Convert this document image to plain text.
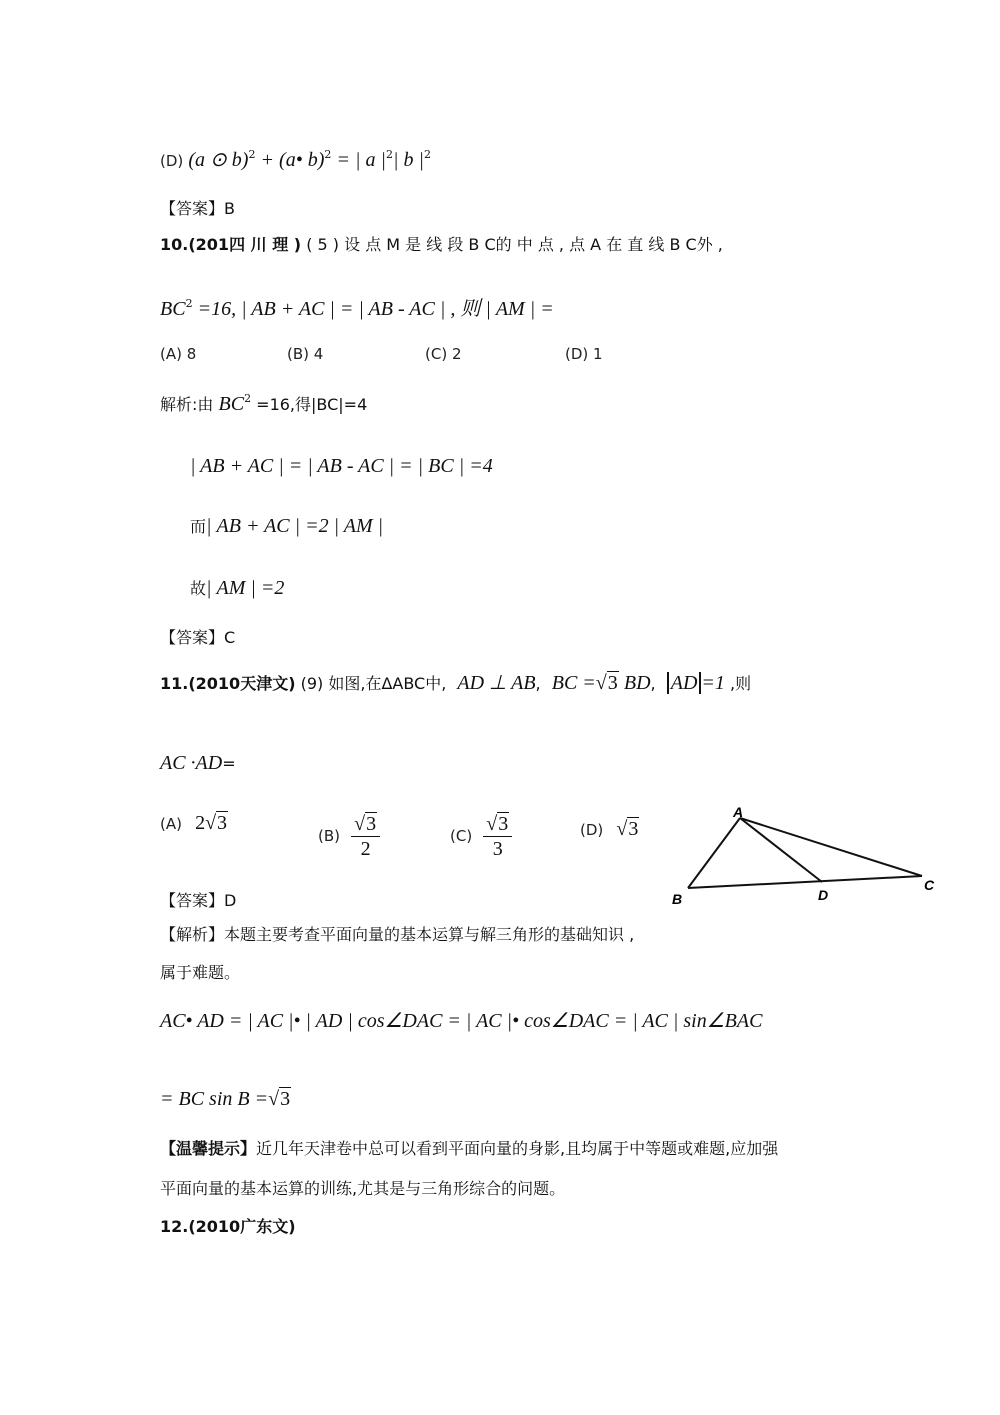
(D) (a ⊙ b)$^2$ + (a• b)$^2$ = | a $|^2|$ b $|^2$
【答案】B
10.(201四 川 理 ) ( 5 ) 设 点 M 是 线 段 B C的 中 点 , 点 A 在 直 线 B C外 ,
$BC^2 =16$, | AB + AC | = | AB - AC | , 则 | AM | =
(A) 8	(B) 4	(C) 2	(D) 1
解析:由 $BC^2 =16$,得|BC|=4
| AB + AC | = | AB - AC | = | BC | =4
而| AB + AC | =2 | AM |
故| AM | =2
【答案】C
11.(2010天津文) (9) 如图,在ΔABC中, AD ⊥ AB, BC =√3 BD, AD =1 ,则
AC ·AD=
(A) 2√3
$(B) \frac{√3}{2}$	$(C) \frac{√3}{3}$	(D) √3
A
B	D
C
【答案】D
【解析】本题主要考查平面向量的基本运算与解三角形的基础知识 ,
属于难题。
AC• AD = | AC |• | AD | cos∠DAC = | AC |• cos∠DAC = | AC | sin∠BAC
= BC sin B =√3
【温馨提示】近几年天津卷中总可以看到平面向量的身影,且均属于中等题或难题,应加强
平面向量的基本运算的训练,尤其是与三角形综合的问题。
12.(2010广东文)
